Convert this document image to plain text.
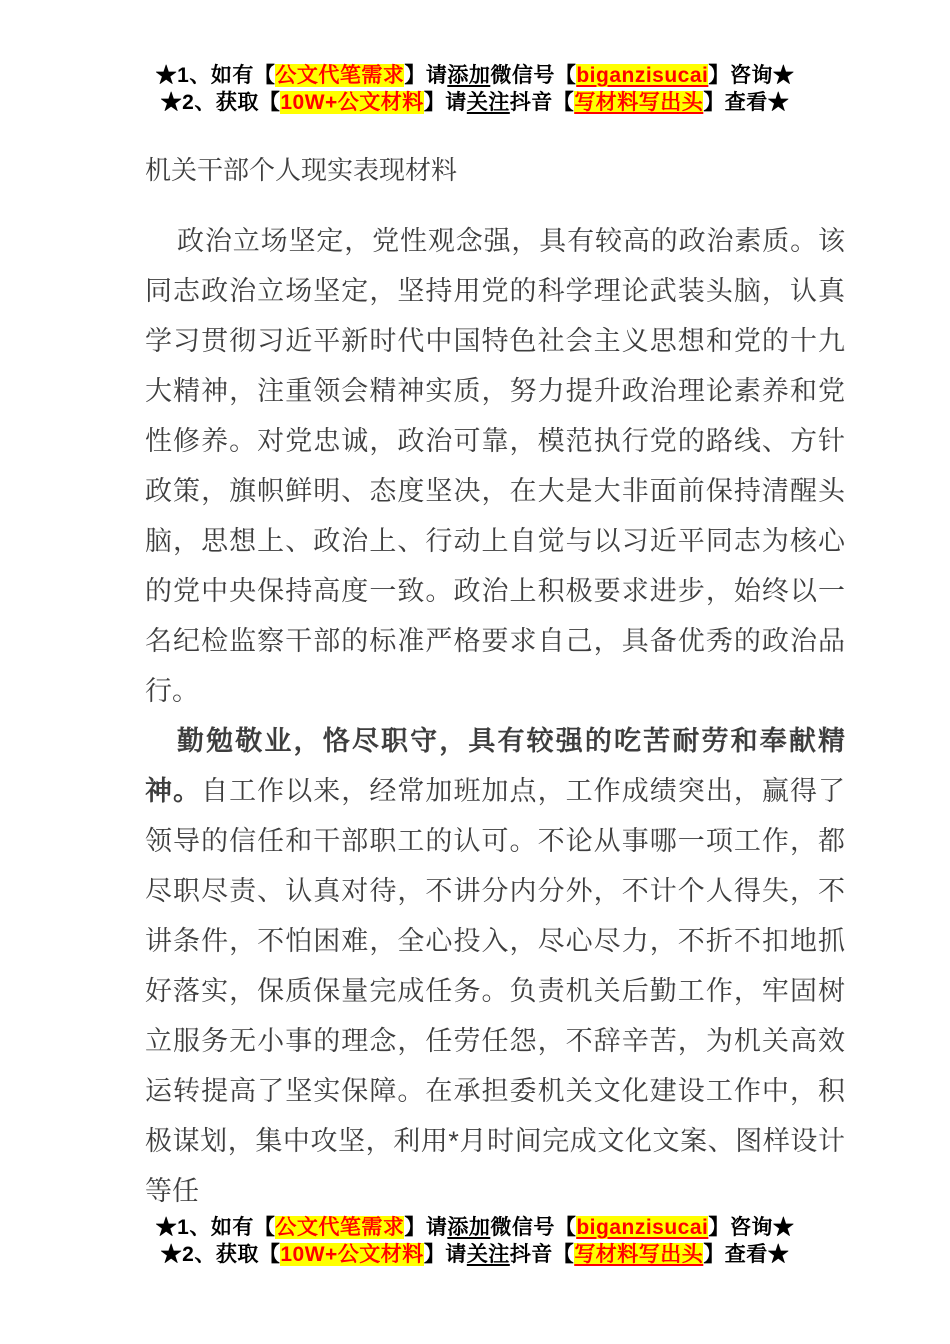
★1、如有【公文代笔需求】请添加微信号【biganzisucai】咨询★
★2、获取【10W+公文材料】请关注抖音【写材料写出头】查看★
机关干部个人现实表现材料

政治立场坚定，党性观念强，具有较高的政治素质。该同志政治立场坚定，坚持用党的科学理论武装头脑，认真学习贯彻习近平新时代中国特色社会主义思想和党的十九大精神，注重领会精神实质，努力提升政治理论素养和党性修养。对党忠诚，政治可靠，模范执行党的路线、方针政策，旗帜鲜明、态度坚决，在大是大非面前保持清醒头脑，思想上、政治上、行动上自觉与以习近平同志为核心的党中央保持高度一致。政治上积极要求进步，始终以一名纪检监察干部的标准严格要求自己，具备优秀的政治品行。

勤勉敬业，恪尽职守，具有较强的吃苦耐劳和奉献精神。自工作以来，经常加班加点，工作成绩突出，赢得了领导的信任和干部职工的认可。不论从事哪一项工作，都尽职尽责、认真对待，不讲分内分外，不计个人得失，不讲条件，不怕困难，全心投入，尽心尽力，不折不扣地抓好落实，保质保量完成任务。负责机关后勤工作，牢固树立服务无小事的理念，任劳任怨，不辞辛苦，为机关高效运转提高了坚实保障。在承担委机关文化建设工作中，积极谋划，集中攻坚，利用*月时间完成文化文案、图样设计等任

★1、如有【公文代笔需求】请添加微信号【biganzisucai】咨询★
★2、获取【10W+公文材料】请关注抖音【写材料写出头】查看★
